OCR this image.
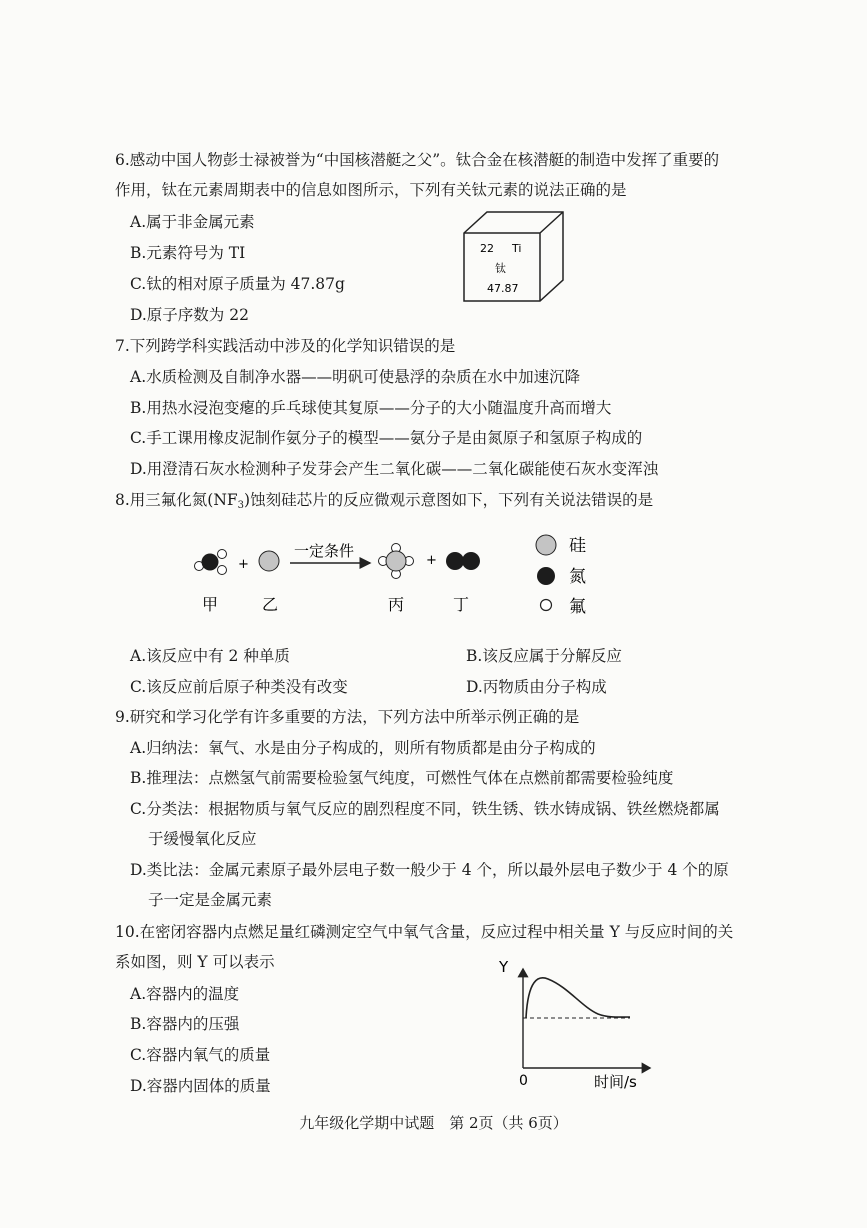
6.感动中国人物彭士禄被誉为“中国核潜艇之父”。钛合金在核潜艇的制造中发挥了重要的
作用，钛在元素周期表中的信息如图所示，下列有关钛元素的说法正确的是
A.属于非金属元素
B.元素符号为 TI
C.钛的相对原子质量为 47.87g
D.原子序数为 22
22 Ti
钛
47.87
7.下列跨学科实践活动中涉及的化学知识错误的是
A.水质检测及自制净水器——明矾可使悬浮的杂质在水中加速沉降
B.用热水浸泡变瘪的乒乓球使其复原——分子的大小随温度升高而增大
C.手工课用橡皮泥制作氨分子的模型——氨分子是由氮原子和氢原子构成的
D.用澄清石灰水检测种子发芽会产生二氧化碳——二氧化碳能使石灰水变浑浊
8.用三氟化氮$(NF_3)$蚀刻硅芯片的反应微观示意图如下，下列有关说法错误的是
+
一定条件
+
甲	乙	丙	丁
硅
氮
氟
A.该反应中有 2 种单质	B.该反应属于分解反应
C.该反应前后原子种类没有改变	D.丙物质由分子构成
9.研究和学习化学有许多重要的方法，下列方法中所举示例正确的是
A.归纳法：氧气、水是由分子构成的，则所有物质都是由分子构成的
B.推理法：点燃氢气前需要检验氢气纯度，可燃性气体在点燃前都需要检验纯度
C.分类法：根据物质与氧气反应的剧烈程度不同，铁生锈、铁水铸成锅、铁丝燃烧都属
于缓慢氧化反应
D.类比法：金属元素原子最外层电子数一般少于 4 个，所以最外层电子数少于 4 个的原
子一定是金属元素
10.在密闭容器内点燃足量红磷测定空气中氧气含量，反应过程中相关量 Y 与反应时间的关
系如图，则 Y 可以表示
A.容器内的温度
B.容器内的压强
C.容器内氧气的质量
D.容器内固体的质量
Y
0	时间/s
九年级化学期中试题　第 2页（共 6页）
